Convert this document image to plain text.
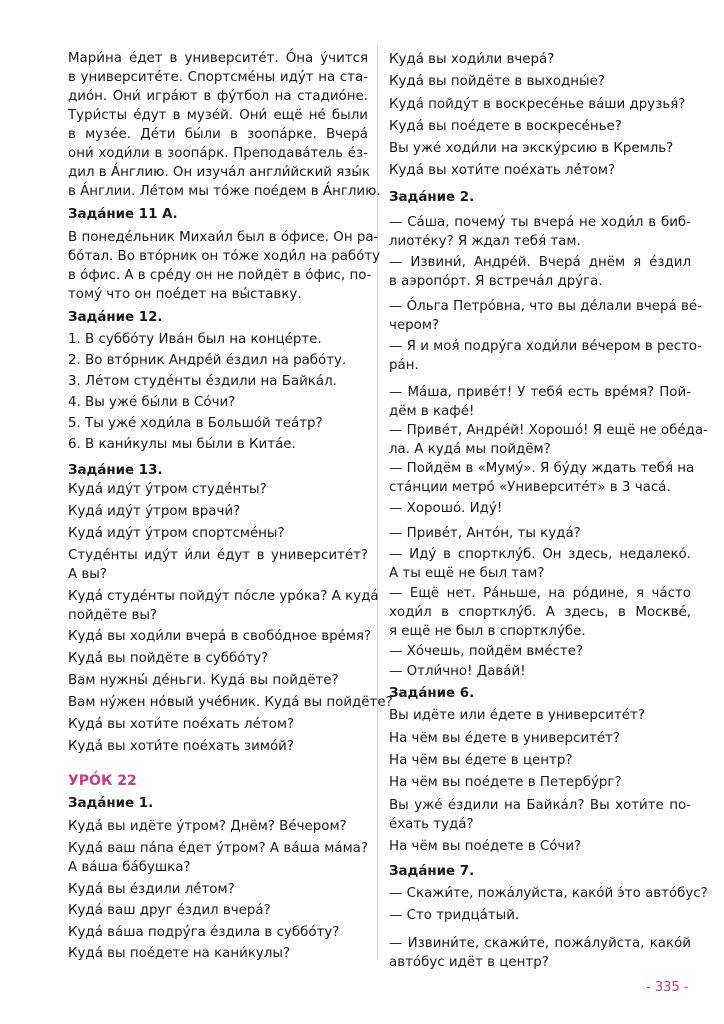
Мари́на е́дет в университе́т. О́на у́чится
в университе́те. Спортсме́ны иду́т на ста-
дио́н. Они́ игра́ют в фу́тбол на стадио́не.
Тури́сты е́дут в музе́й. Они́ ещё не́ были
в музе́е. Де́ти бы́ли в зоопа́рке. Вчера́
они́ ходи́ли в зоопа́рк. Преподава́тель е́з-
дил в А́нглию. Он изуча́л англи́йский язы́к
в А́нглии. Ле́том мы то́же пое́дем в А́нглию.
Зада́ние 11 А.
В понеде́льник Михаи́л был в о́фисе. Он ра-
бо́тал. Во вто́рник он то́же ходи́л на рабо́ту
в о́фис. А в сре́ду он не пойдёт в о́фис, по-
тому́ что он пое́дет на вы́ставку.
Зада́ние 12.
1. В суббо́ту Ива́н был на конце́рте.
2. Во вто́рник Андре́й е́здил на рабо́ту.
3. Ле́том студе́нты е́здили на Байка́л.
4. Вы уже́ бы́ли в Со́чи?
5. Ты уже́ ходи́ла в Большо́й теа́тр?
6. В кани́кулы мы бы́ли в Кита́е.
Зада́ние 13.
Куда́ иду́т у́тром студе́нты?
Куда́ иду́т у́тром врачи́?
Куда́ иду́т у́тром спортсме́ны?
Студе́нты иду́т и́ли е́дут в университе́т?
А вы?
Куда́ студе́нты пойду́т по́сле уро́ка? А куда́
пойдёте вы?
Куда́ вы ходи́ли вчера́ в свобо́дное вре́мя?
Куда́ вы пойдёте в суббо́ту?
Вам нужны́ де́ньги. Куда́ вы пойдёте?
Вам ну́жен но́вый уче́бник. Куда́ вы пойдёте?
Куда́ вы хоти́те пое́хать ле́том?
Куда́ вы хоти́те пое́хать зимо́й?
УРО́К 22
Зада́ние 1.
Куда́ вы идёте у́тром? Днём? Ве́чером?
Куда́ ваш па́па е́дет у́тром? А ва́ша ма́ма?
А ва́ша ба́бушка?
Куда́ вы е́здили ле́том?
Куда́ ваш друг е́здил вчера́?
Куда́ ва́ша подру́га е́здила в суббо́ту?
Куда́ вы пое́дете на кани́кулы?
Куда́ вы ходи́ли вчера́?
Куда́ вы пойдёте в выходны́е?
Куда́ пойду́т в воскресе́нье ва́ши друзья́?
Куда́ вы пое́дете в воскресе́нье?
Вы уже́ ходи́ли на экску́рсию в Кремль?
Куда́ вы хоти́те пое́хать ле́том?
Зада́ние 2.
— Са́ша, почему́ ты вчера́ не ходи́л в биб-
лиоте́ку? Я ждал тебя́ там.
— Извини́, Андре́й. Вчера́ днём я е́здил
в аэропо́рт. Я встреча́л дру́га.
— О́льга Петро́вна, что вы де́лали вчера́ ве́-
чером?
— Я и моя́ подру́га ходи́ли ве́чером в ресто-
ра́н.
— Ма́ша, приве́т! У тебя́ есть вре́мя? Пой-
дём в кафе́!
— Приве́т, Андре́й! Хорошо́! Я ещё не обе́да-
ла. А куда́ мы пойдём?
— Пойдём в «Муму́». Я бу́ду ждать тебя́ на
ста́нции метро́ «Университе́т» в 3 часа́.
— Хорошо́. Иду́!
— Приве́т, Анто́н, ты куда́?
— Иду́ в спортклу́б. Он здесь, недалеко́.
А ты ещё не был там?
— Ещё нет. Ра́ньше, на ро́дине, я ча́сто
ходи́л в спортклу́б. А здесь, в Москве́,
я ещё не был в спортклу́бе.
— Хо́чешь, пойдём вме́сте?
— Отли́чно! Дава́й!
Зада́ние 6.
Вы идёте или е́дете в университе́т?
На чём вы е́дете в университе́т?
На чём вы е́дете в центр?
На чём вы пое́дете в Петербу́рг?
Вы уже́ е́здили на Байка́л? Вы хоти́те по-
е́хать туда́?
На чём вы пое́дете в Со́чи?
Зада́ние 7.
— Скажи́те, пожа́луйста, како́й э́то авто́бус?
— Сто тридца́тый.
— Извини́те, скажи́те, пожа́луйста, како́й
авто́бус идёт в центр?
- 335 -
